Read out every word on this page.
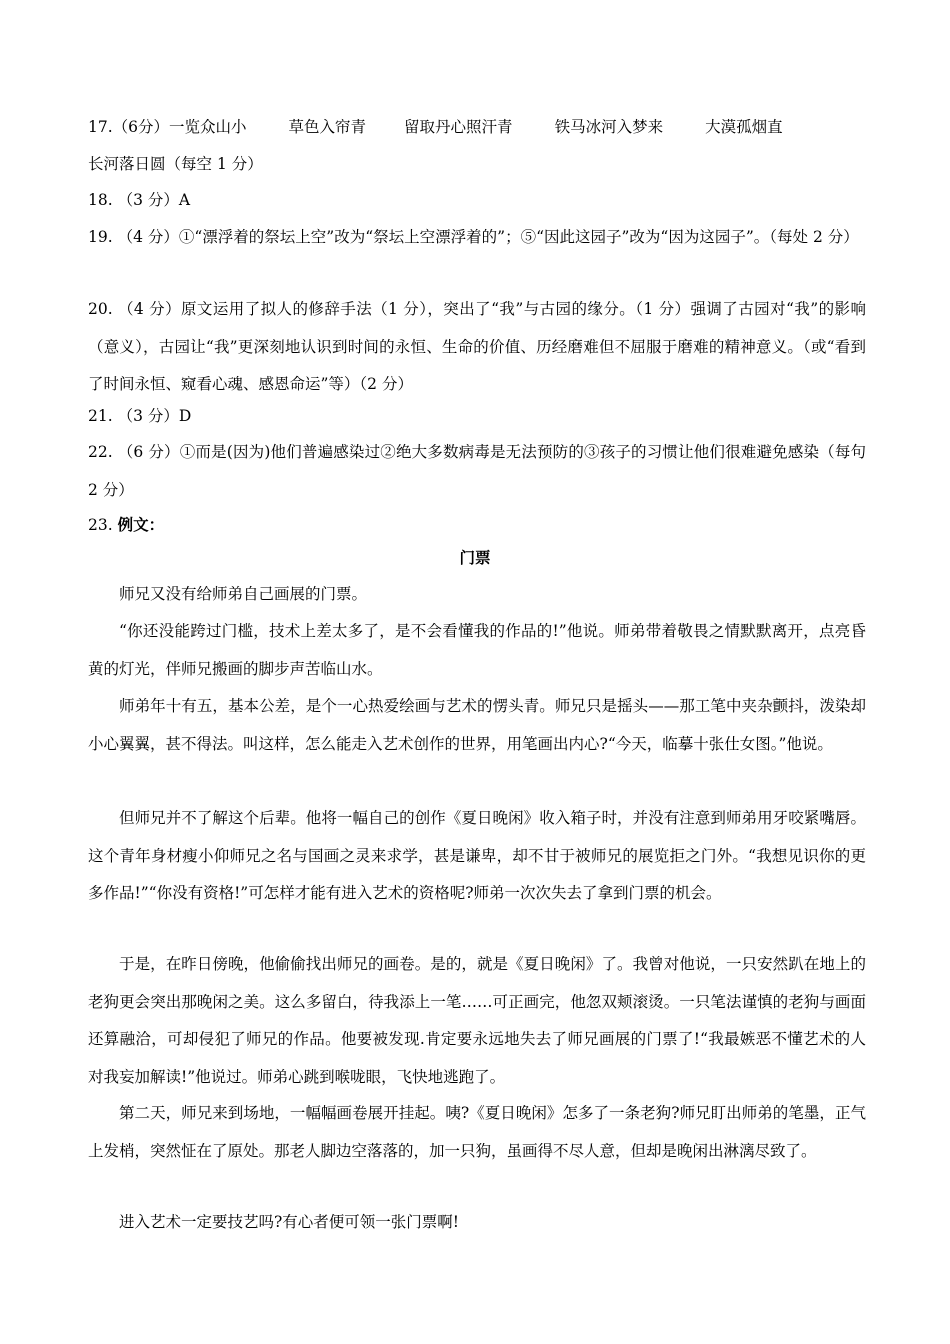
17.（6分）一览众山小	草色入帘青 留取丹心照汗青	铁马冰河入梦来	大漠孤烟直
长河落日圆（每空 1 分）
18. （3 分）A
19. （4 分）①“漂浮着的祭坛上空”改为“祭坛上空漂浮着的”；⑤“因此这园子”改为“因为这园子”。（每处 2 分）
20. （4 分）原文运用了拟人的修辞手法（1 分），突出了“我”与古园的缘分。（1 分）强调了古园对“我”的影响（意义），古园让“我”更深刻地认识到时间的永恒、生命的价值、历经磨难但不屈服于磨难的精神意义。（或“看到了时间永恒、窥看心魂、感恩命运”等）（2 分）
21. （3 分）D
22. （6 分）①而是(因为)他们普遍感染过②绝大多数病毒是无法预防的③孩子的习惯让他们很难避免感染（每句 2 分）
23. 例文：
门票
师兄又没有给师弟自己画展的门票。
“你还没能跨过门槛，技术上差太多了，是不会看懂我的作品的!”他说。师弟带着敬畏之情默默离开，点亮昏黄的灯光，伴师兄搬画的脚步声苦临山水。
师弟年十有五，基本公差，是个一心热爱绘画与艺术的愣头青。师兄只是摇头——那工笔中夹杂颤抖，泼染却小心翼翼，甚不得法。叫这样，怎么能走入艺术创作的世界，用笔画出内心?“今天，临摹十张仕女图。”他说。
但师兄并不了解这个后辈。他将一幅自己的创作《夏日晚闲》收入箱子时，并没有注意到师弟用牙咬紧嘴唇。这个青年身材瘦小仰师兄之名与国画之灵来求学，甚是谦卑，却不甘于被师兄的展览拒之门外。“我想见识你的更多作品!”“你没有资格!”可怎样才能有进入艺术的资格呢?师弟一次次失去了拿到门票的机会。
于是，在昨日傍晚，他偷偷找出师兄的画卷。是的，就是《夏日晚闲》了。我曾对他说，一只安然趴在地上的老狗更会突出那晚闲之美。这么多留白，待我添上一笔……可正画完，他忽双颊滚烫。一只笔法谨慎的老狗与画面还算融洽，可却侵犯了师兄的作品。他要被发现.肯定要永远地失去了师兄画展的门票了!“我最嫉恶不懂艺术的人对我妄加解读!”他说过。师弟心跳到喉咙眼，飞快地逃跑了。
第二天，师兄来到场地，一幅幅画卷展开挂起。咦?《夏日晚闲》怎多了一条老狗?师兄盯出师弟的笔墨，正气上发梢，突然怔在了原处。那老人脚边空落落的，加一只狗，虽画得不尽人意，但却是晚闲出淋漓尽致了。
进入艺术一定要技艺吗?有心者便可领一张门票啊!
